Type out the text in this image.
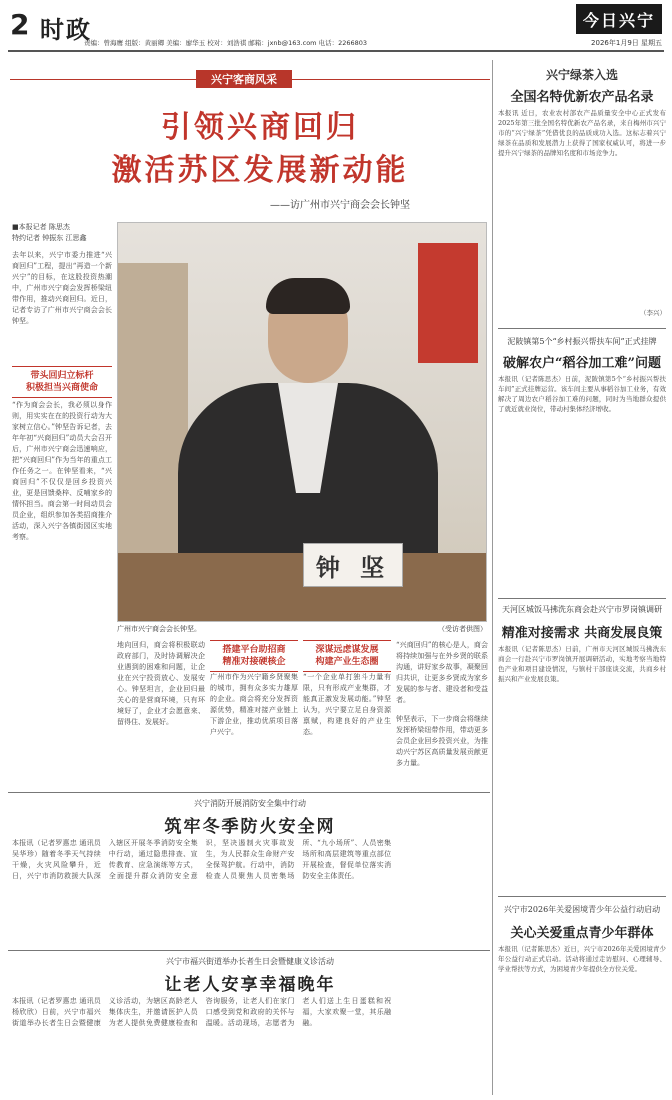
2 时政
责编：曾海鹰 组版：黄丽卿 美编：廖华玉 校对：刘浩祺 邮箱：jxnb@163.com 电话：2266803	2026年1月9日 星期五
今日兴宁
兴宁客商风采
引领兴商回归
激活苏区发展新动能
——访广州市兴宁商会会长钟坚
■本报记者 陈思杰
特约记者 钟振东 江思鑫
去年以来，兴宁市委力推进“兴商回归”工程，提出“再造一个新兴宁”的目标，在这股投资热潮中，广州市兴宁商会发挥桥梁纽带作用，推动兴商回归。近日，记者专访了广州市兴宁商会会长钟坚。
带头回归立标杆
积极担当兴商使命
“作为商会会长，我必须以身作则，用实实在在的投资行动为大家树立信心。”钟坚告诉记者，去年年初“兴商回归”动员大会召开后，广州市兴宁商会迅速响应，把“兴商回归”作为当年的重点工作任务之一。在钟坚看来，“兴商回归”不仅仅是回乡投资兴业，更是回馈桑梓、反哺家乡的情怀担当。商会第一时间动员会员企业，组织参加各类招商推介活动，深入兴宁各镇街园区实地考察。
钟 坚
广州市兴宁商会会长钟坚。	（受访者供图）
地向回归，商会将积极联动政府部门，及时协调解决企业遇到的困难和问题，让企业在兴宁投资放心、发展安心。钟坚坦言，企业回归最关心的是营商环境，只有环境好了，企业才会愿意来、留得住、发展好。
搭建平台助招商
精准对接硬核企
广州市作为兴宁籍乡贤聚集的城市，拥有众多实力雄厚的企业。商会将充分发挥资源优势，精准对接产业链上下游企业，推动优质项目落户兴宁。
深谋远虑谋发展
构建产业生态圈
“一个企业单打独斗力量有限，只有形成产业集群，才能真正激发发展动能。”钟坚认为，兴宁要立足自身资源禀赋，构建良好的产业生态。
“兴商回归”的核心是人，商会将持续加强与在外乡贤的联系沟通，讲好家乡故事，凝聚回归共识，让更多乡贤成为家乡发展的参与者、建设者和受益者。
钟坚表示，下一步商会将继续发挥桥梁纽带作用，带动更多会员企业回乡投资兴业，为推动兴宁苏区高质量发展贡献更多力量。
兴宁消防开展消防安全集中行动
筑牢冬季防火安全网
本报讯（记者罗惠忠 通讯员吴华珍）随着冬季天气持续干燥，火灾风险攀升，近日，兴宁市消防救援大队深入辖区开展冬季消防安全集中行动，通过隐患排查、宣传教育、应急演练等方式，全面提升群众消防安全意识，坚决遏制火灾事故发生，为人民群众生命财产安全保驾护航。行动中，消防检查人员聚焦人员密集场所、“九小场所”、人员密集场所和高层建筑等重点部位开展检查，督促单位落实消防安全主体责任。
兴宁市福兴街道举办长者生日会暨健康义诊活动
让老人安享幸福晚年
本报讯（记者罗惠忠 通讯员杨欣欣）日前，兴宁市福兴街道举办长者生日会暨健康义诊活动，为辖区高龄老人集体庆生，并邀请医护人员为老人提供免费健康检查和咨询服务，让老人们在家门口感受到党和政府的关怀与温暖。活动现场，志愿者为老人们送上生日蛋糕和祝福，大家欢聚一堂，其乐融融。
兴宁绿茶入选
全国名特优新农产品名录
本报讯 近日，农业农村部农产品质量安全中心正式发布2025年第三批全国名特优新农产品名录，来自梅州市兴宁市的“兴宁绿茶”凭借优良的品质成功入选。这标志着兴宁绿茶在品质和发展潜力上获得了国家权威认可，将进一步提升兴宁绿茶的品牌知名度和市场竞争力。
（李兴）
泥陂镇第5个“乡村振兴帮扶车间”正式挂牌
破解农户“稻谷加工难”问题
本报讯（记者陈思杰）日前，泥陂镇第5个“乡村振兴帮扶车间”正式挂牌运营。该车间主要从事稻谷加工业务，有效解决了周边农户稻谷加工难的问题，同时为当地群众提供了就近就业岗位，带动村集体经济增收。
天河区城饭马拂洗东商会赴兴宁市罗岗镇调研
精准对接需求 共商发展良策
本报讯（记者陈思杰）日前，广州市天河区城饭马拂洗东商会一行赴兴宁市罗岗镇开展调研活动，实地考察当地特色产业和项目建设情况，与镇村干部座谈交流，共商乡村振兴和产业发展良策。
兴宁市2026年关爱困境青少年公益行动启动
关心关爱重点青少年群体
本报讯（记者陈思杰）近日，兴宁市2026年关爱困境青少年公益行动正式启动。活动将通过走访慰问、心理辅导、学业帮扶等方式，为困境青少年提供全方位关爱。
